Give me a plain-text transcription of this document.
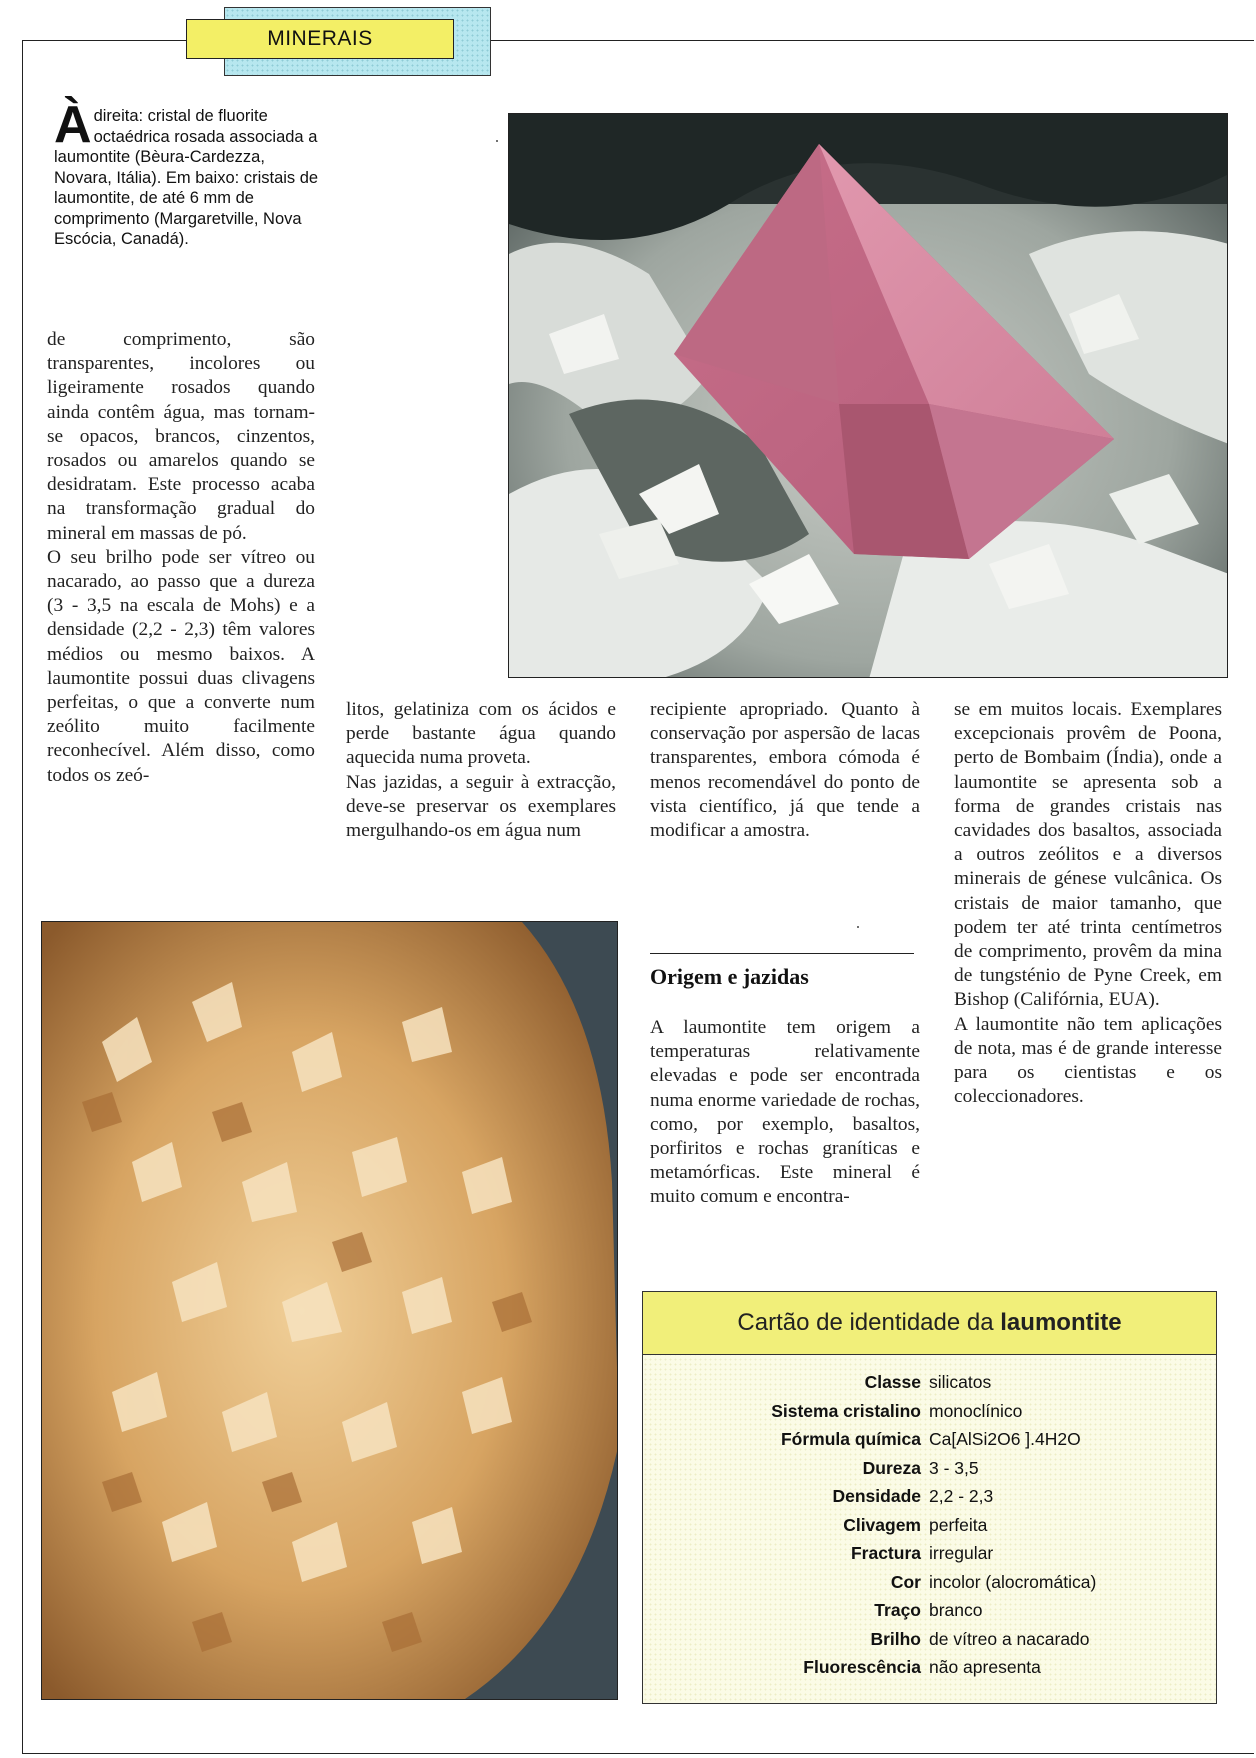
MINERAIS
À direita: cristal de fluorite octaédrica rosada associada a laumontite (Bèura-Cardezza, Novara, Itália). Em baixo: cristais de laumontite, de até 6 mm de comprimento (Margaretville, Nova Escócia, Canadá).

de comprimento, são transparentes, incolores ou ligeiramente rosados quando ainda contêm água, mas tornam-se opacos, brancos, cinzentos, rosados ou amarelos quando se desidratam. Este processo acaba na transformação gradual do mineral em massas de pó.

O seu brilho pode ser vítreo ou nacarado, ao passo que a dureza (3 - 3,5 na escala de Mohs) e a densidade (2,2 - 2,3) têm valores médios ou mesmo baixos. A laumontite possui duas clivagens perfeitas, o que a converte num zeólito muito facilmente reconhecível. Além disso, como todos os zeó-

litos, gelatiniza com os ácidos e perde bastante água quando aquecida numa proveta.

Nas jazidas, a seguir à extracção, deve-se preservar os exemplares mergulhando-os em água num

recipiente apropriado. Quanto à conservação por aspersão de lacas transparentes, embora cómoda é menos recomendável do ponto de vista científico, já que tende a modificar a amostra.

Origem e jazidas

A laumontite tem origem a temperaturas relativamente elevadas e pode ser encontrada numa enorme variedade de rochas, como, por exemplo, basaltos, porfiritos e rochas graníticas e metamórficas. Este mineral é muito comum e encontra-

se em muitos locais. Exemplares excepcionais provêm de Poona, perto de Bombaim (Índia), onde a laumontite se apresenta sob a forma de grandes cristais nas cavidades dos basaltos, associada a outros zeólitos e a diversos minerais de génese vulcânica. Os cristais de maior tamanho, que podem ter até trinta centímetros de comprimento, provêm da mina de tungsténio de Pyne Creek, em Bishop (Califórnia, EUA).

A laumontite não tem aplicações de nota, mas é de grande interesse para os cientistas e os coleccionadores.

Cartão de identidade da laumontite
Classe silicatos
Sistema cristalino monoclínico
Fórmula química Ca[AlSi2O6 ].4H2O
Dureza 3 - 3,5
Densidade 2,2 - 2,3
Clivagem perfeita
Fractura irregular
Cor incolor (alocromática)
Traço branco
Brilho de vítreo a nacarado
Fluorescência não apresenta
